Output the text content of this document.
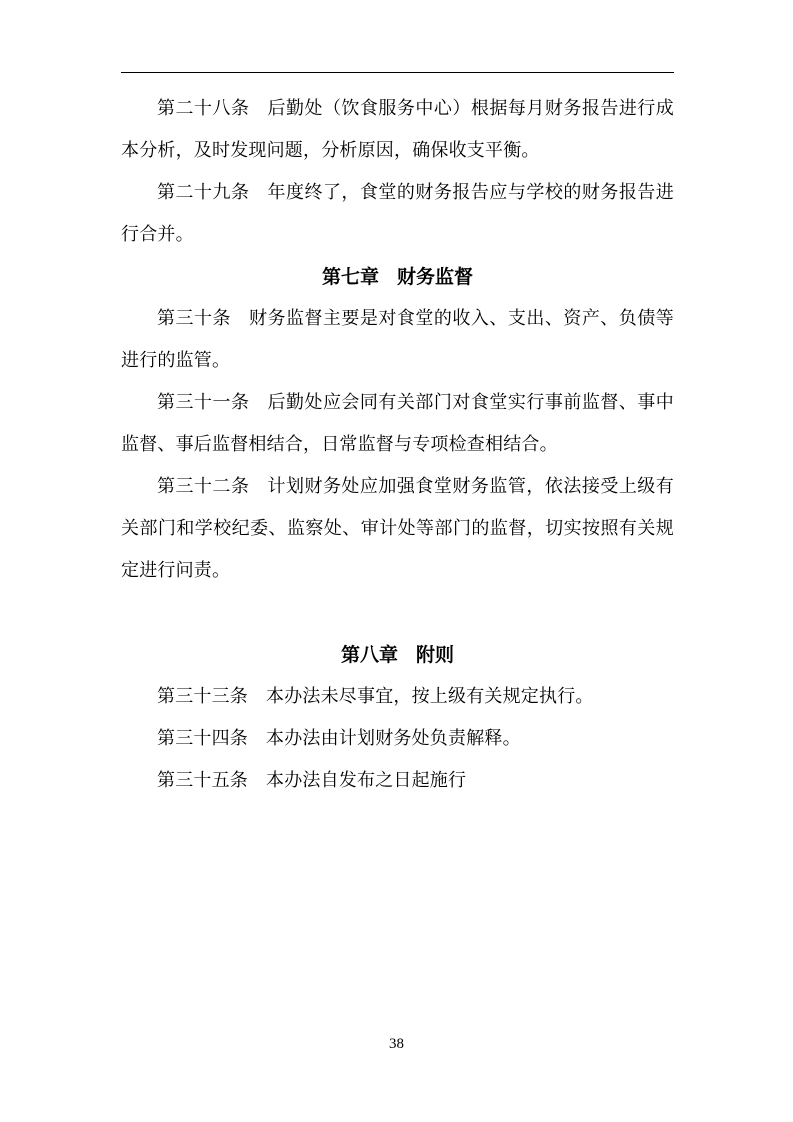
第二十八条 后勤处（饮食服务中心）根据每月财务报告进行成本分析，及时发现问题，分析原因，确保收支平衡。

第二十九条 年度终了，食堂的财务报告应与学校的财务报告进行合并。

第七章 财务监督

第三十条 财务监督主要是对食堂的收入、支出、资产、负债等进行的监管。

第三十一条 后勤处应会同有关部门对食堂实行事前监督、事中监督、事后监督相结合，日常监督与专项检查相结合。

第三十二条 计划财务处应加强食堂财务监管，依法接受上级有关部门和学校纪委、监察处、审计处等部门的监督，切实按照有关规定进行问责。

第八章 附则

第三十三条 本办法未尽事宜，按上级有关规定执行。

第三十四条 本办法由计划财务处负责解释。

第三十五条 本办法自发布之日起施行

38
